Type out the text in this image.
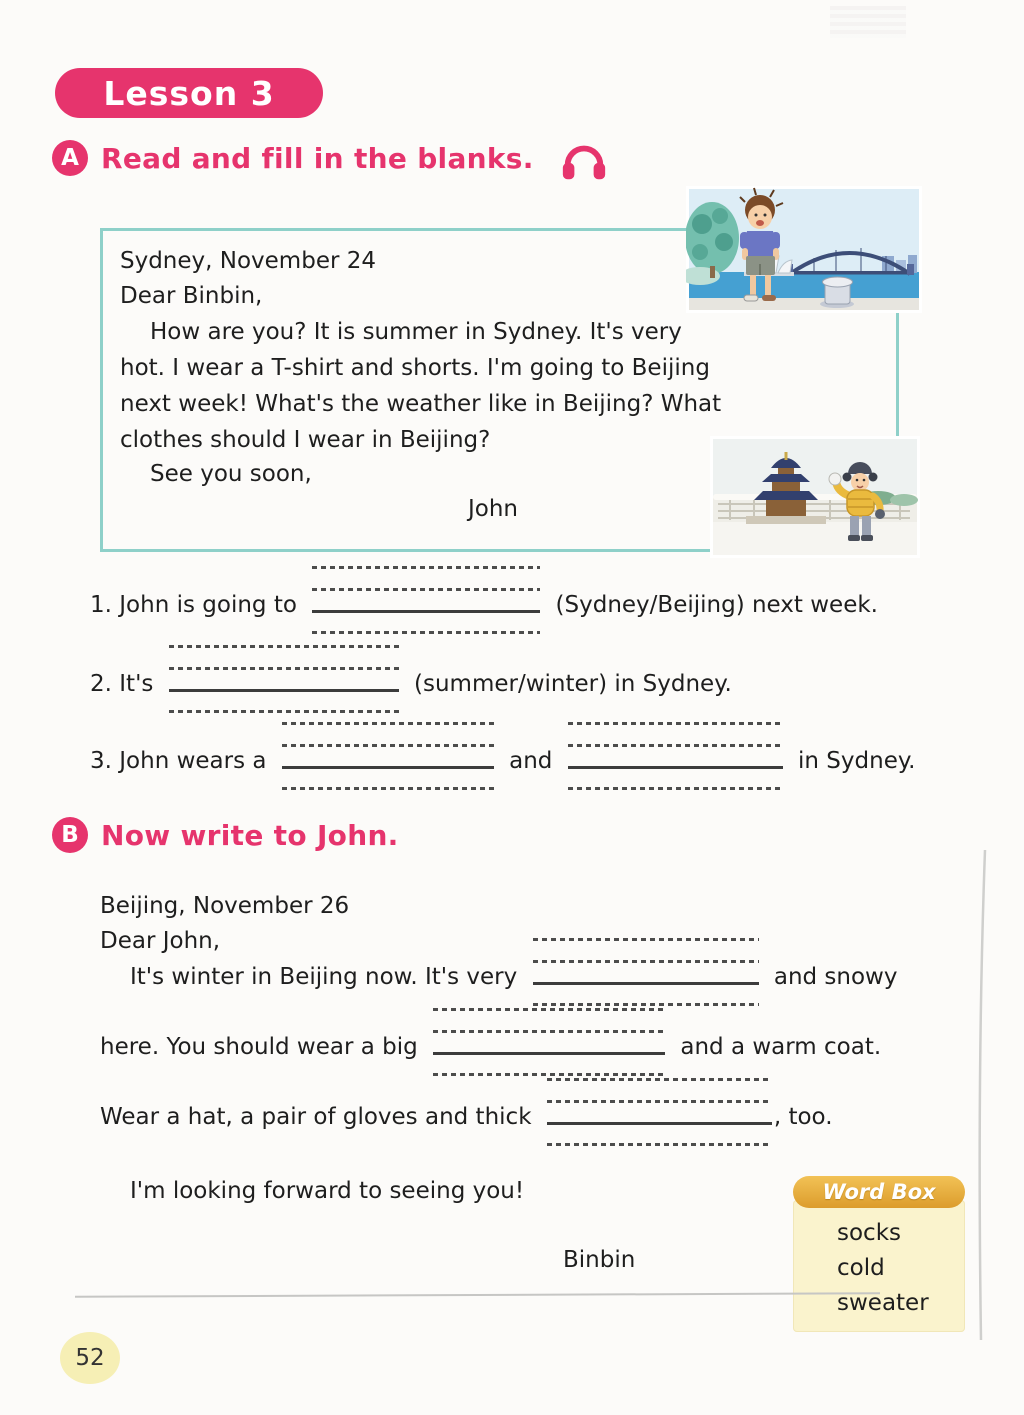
Lesson 3
A Read and fill in the blanks.
Sydney, November 24
Dear Binbin,
How are you? It is summer in Sydney. It's very
hot. I wear a T-shirt and shorts. I'm going to Beijing
next week! What's the weather like in Beijing? What
clothes should I wear in Beijing?
See you soon,
John
1. John is going to	(Sydney/Beijing) next week.
2. It's	(summer/winter) in Sydney.
3. John wears a	and	in Sydney.
B Now write to John.
Beijing, November 26
Dear John,
It's winter in Beijing now. It's very	and snowy
here. You should wear a big	and a warm coat.
Wear a hat, a pair of gloves and thick	, too.
I'm looking forward to seeing you!
Binbin
Word Box
socks
cold
sweater
52
